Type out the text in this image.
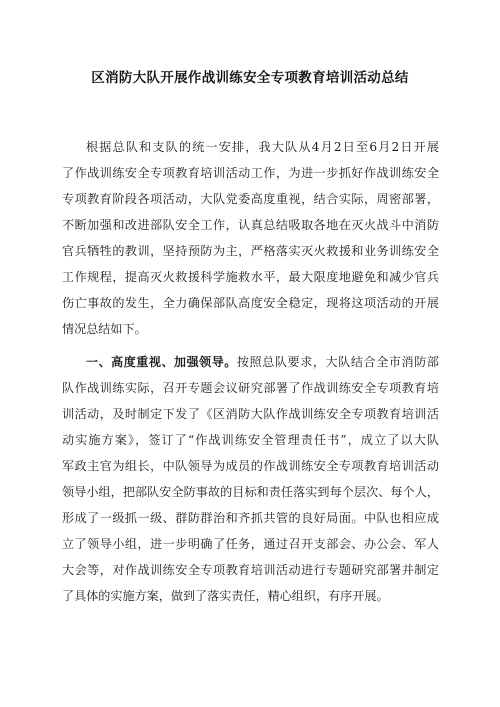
区消防大队开展作战训练安全专项教育培训活动总结
根据总队和支队的统一安排，我大队从4月2日至6月2日开展
了作战训练安全专项教育培训活动工作，为进一步抓好作战训练安全
专项教育阶段各项活动，大队党委高度重视，结合实际，周密部署，
不断加强和改进部队安全工作，认真总结吸取各地在灭火战斗中消防
官兵牺牲的教训，坚持预防为主，严格落实灭火救援和业务训练安全
工作规程，提高灭火救援科学施救水平，最大限度地避免和减少官兵
伤亡事故的发生，全力确保部队高度安全稳定，现将这项活动的开展
情况总结如下。
一、高度重视、加强领导。按照总队要求，大队结合全市消防部
队作战训练实际，召开专题会议研究部署了作战训练安全专项教育培
训活动，及时制定下发了《区消防大队作战训练安全专项教育培训活
动实施方案》，签订了“作战训练安全管理责任书”，成立了以大队
军政主官为组长，中队领导为成员的作战训练安全专项教育培训活动
领导小组，把部队安全防事故的目标和责任落实到每个层次、每个人，
形成了一级抓一级、群防群治和齐抓共管的良好局面。中队也相应成
立了领导小组，进一步明确了任务，通过召开支部会、办公会、军人
大会等，对作战训练安全专项教育培训活动进行专题研究部署并制定
了具体的实施方案，做到了落实责任，精心组织，有序开展。
